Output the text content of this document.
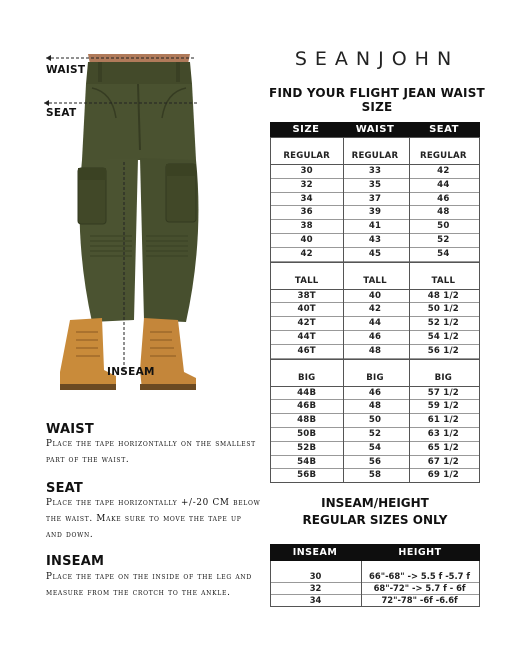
WAIST
SEAT
INSEAM
SEANJOHN
FIND YOUR FLIGHT JEAN WAIST SIZE
SIZE	WAIST	SEAT
REGULAR	REGULAR	REGULAR
30	33	42
32	35	44
34	37	46
36	39	48
38	41	50
40	43	52
42	45	54
TALL	TALL	TALL
38T	40	48 1/2
40T	42	50 1/2
42T	44	52 1/2
44T	46	54 1/2
46T	48	56 1/2
BIG	BIG	BIG
44B	46	57 1/2
46B	48	59 1/2
48B	50	61 1/2
50B	52	63 1/2
52B	54	65 1/2
54B	56	67 1/2
56B	58	69 1/2
WAIST
Place the tape horizontally on the smallest part of the waist.
SEAT
Place the tape horizontally +/-20 CM below the waist. Make sure to move the tape up and down.
INSEAM
Place the tape on the inside of the leg and measure from the crotch to the ankle.
INSEAM/HEIGHT
REGULAR SIZES ONLY
INSEAM	HEIGHT
30	66"-68" -> 5.5 f -5.7 f
32	68"-72" -> 5.7 f - 6f
34	72"-78" -6f -6.6f
